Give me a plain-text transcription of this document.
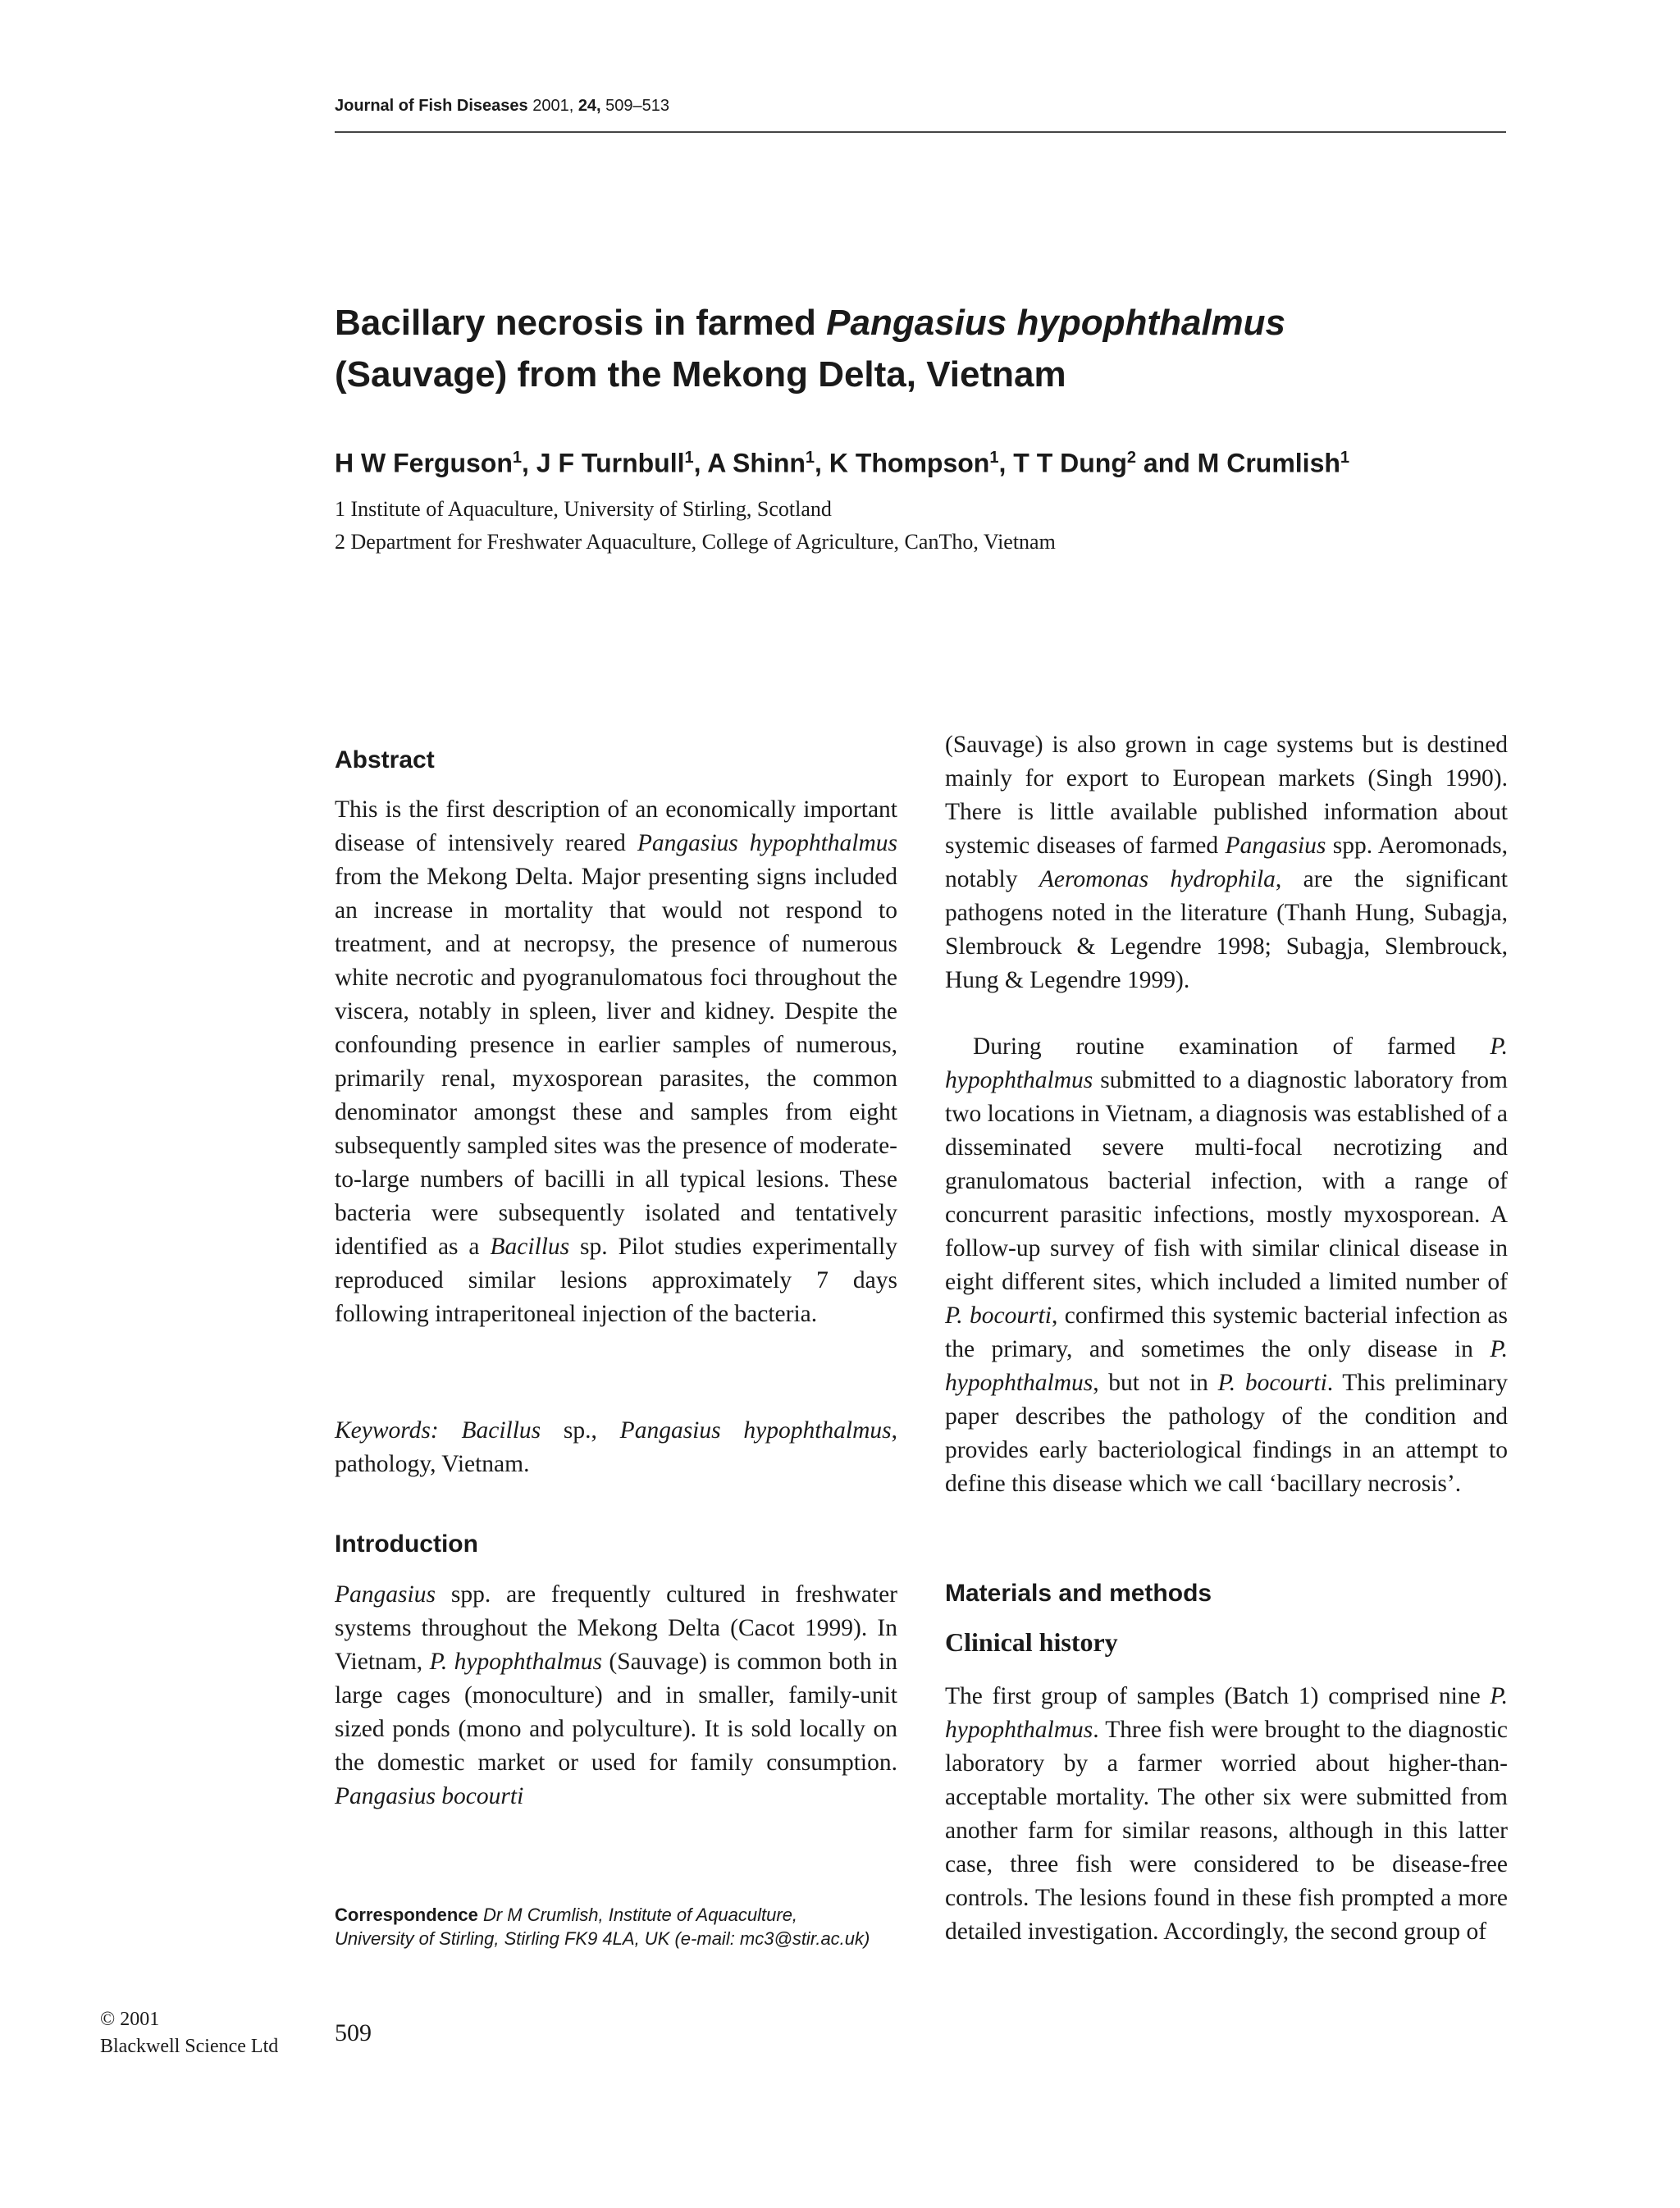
Journal of Fish Diseases 2001, 24, 509–513
Bacillary necrosis in farmed Pangasius hypophthalmus
(Sauvage) from the Mekong Delta, Vietnam

H W Ferguson$^1$, J F Turnbull$^1$, A Shinn$^1$, K Thompson$^1$, T T Dung$^2$ and M Crumlish$^1$

1 Institute of Aquaculture, University of Stirling, Scotland

2 Department for Freshwater Aquaculture, College of Agriculture, CanTho, Vietnam

Abstract

This is the first description of an economically important disease of intensively reared Pangasius hypophthalmus from the Mekong Delta. Major presenting signs included an increase in mortality that would not respond to treatment, and at necropsy, the presence of numerous white necrotic and pyogranulomatous foci throughout the viscera, notably in spleen, liver and kidney. Despite the confounding presence in earlier samples of numerous, primarily renal, myxosporean parasites, the common denominator amongst these and samples from eight subsequently sampled sites was the presence of moderate-to-large numbers of bacilli in all typical lesions. These bacteria were subsequently isolated and tentatively identified as a Bacillus sp. Pilot studies experimentally reproduced similar lesions approximately 7 days following intraperitoneal injection of the bacteria.

Keywords: Bacillus sp., Pangasius hypophthalmus, pathology, Vietnam.

Introduction

Pangasius spp. are frequently cultured in freshwater systems throughout the Mekong Delta (Cacot 1999). In Vietnam, P. hypophthalmus (Sauvage) is common both in large cages (monoculture) and in smaller, family-unit sized ponds (mono and polyculture). It is sold locally on the domestic market or used for family consumption. Pangasius bocourti

(Sauvage) is also grown in cage systems but is destined mainly for export to European markets (Singh 1990). There is little available published information about systemic diseases of farmed Pangasius spp. Aeromonads, notably Aeromonas hydrophila, are the significant pathogens noted in the literature (Thanh Hung, Subagja, Slembrouck & Legendre 1998; Subagja, Slembrouck, Hung & Legendre 1999).

During routine examination of farmed P. hypophthalmus submitted to a diagnostic laboratory from two locations in Vietnam, a diagnosis was established of a disseminated severe multi-focal necrotizing and granulomatous bacterial infection, with a range of concurrent parasitic infections, mostly myxosporean. A follow-up survey of fish with similar clinical disease in eight different sites, which included a limited number of P. bocourti, confirmed this systemic bacterial infection as the primary, and sometimes the only disease in P. hypophthalmus, but not in P. bocourti. This preliminary paper describes the pathology of the condition and provides early bacteriological findings in an attempt to define this disease which we call ‘bacillary necrosis’.

Materials and methods
Clinical history

The first group of samples (Batch 1) comprised nine P. hypophthalmus. Three fish were brought to the diagnostic laboratory by a farmer worried about higher-than-acceptable mortality. The other six were submitted from another farm for similar reasons, although in this latter case, three fish were considered to be disease-free controls. The lesions found in these fish prompted a more detailed investigation. Accordingly, the second group of

Correspondence Dr M Crumlish, Institute of Aquaculture, University of Stirling, Stirling FK9 4LA, UK (e-mail: mc3@stir.ac.uk)
© 2001
Blackwell Science Ltd 509
